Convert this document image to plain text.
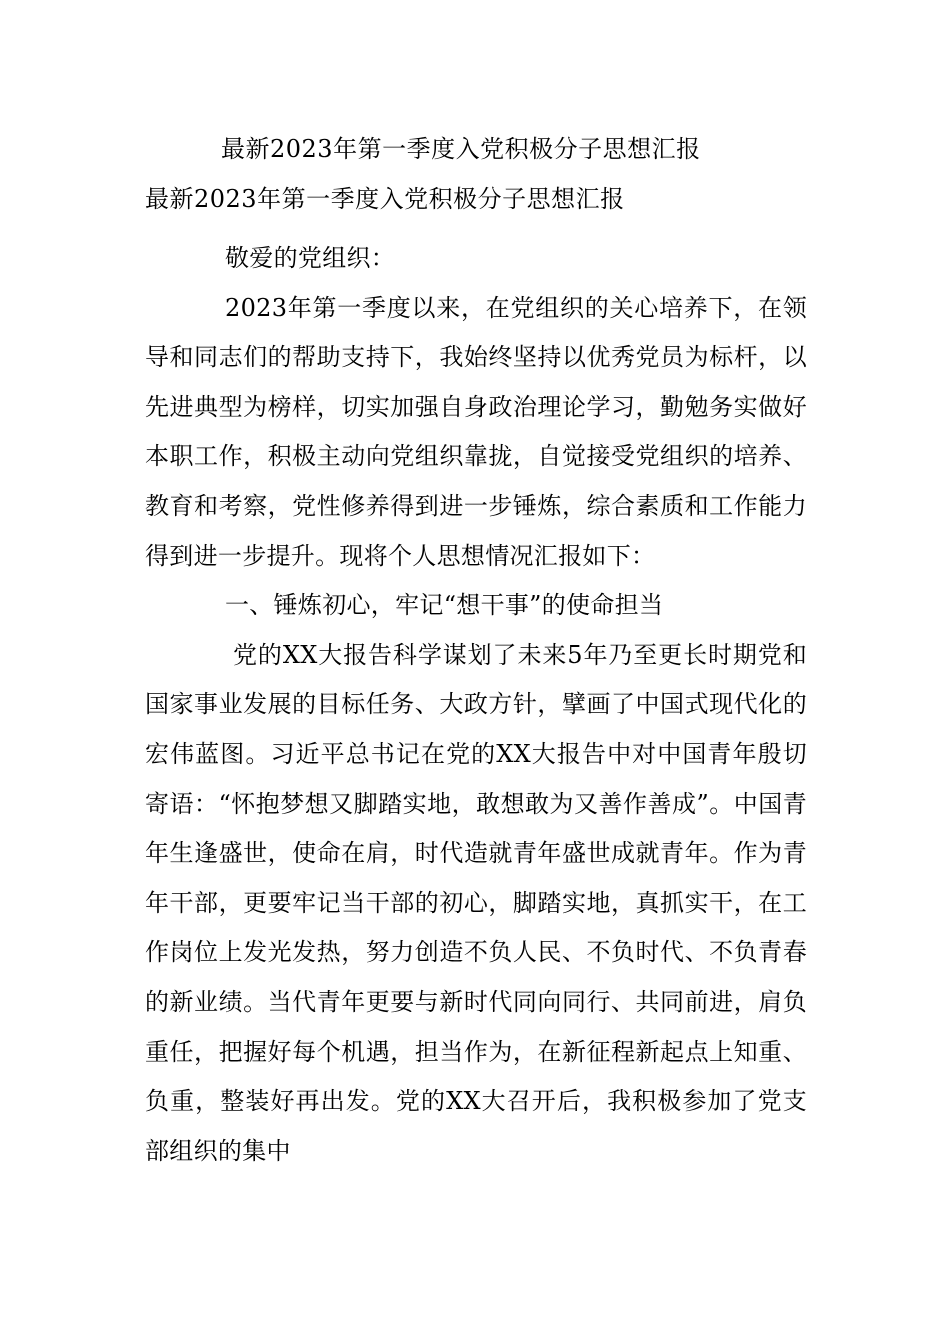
最新2023年第一季度入党积极分子思想汇报
最新2023年第一季度入党积极分子思想汇报

敬爱的党组织：

2023年第一季度以来，在党组织的关心培养下，在领导和同志们的帮助支持下，我始终坚持以优秀党员为标杆，以先进典型为榜样，切实加强自身政治理论学习，勤勉务实做好本职工作，积极主动向党组织靠拢，自觉接受党组织的培养、教育和考察，党性修养得到进一步锤炼，综合素质和工作能力得到进一步提升。现将个人思想情况汇报如下：

一、锤炼初心，牢记“想干事”的使命担当

党的XX大报告科学谋划了未来5年乃至更长时期党和国家事业发展的目标任务、大政方针，擘画了中国式现代化的宏伟蓝图。习近平总书记在党的XX大报告中对中国青年殷切寄语：“怀抱梦想又脚踏实地，敢想敢为又善作善成”。中国青年生逢盛世，使命在肩，时代造就青年盛世成就青年。作为青年干部，更要牢记当干部的初心，脚踏实地，真抓实干，在工作岗位上发光发热，努力创造不负人民、不负时代、不负青春的新业绩。当代青年更要与新时代同向同行、共同前进，肩负重任，把握好每个机遇，担当作为，在新征程新起点上知重、负重，整装好再出发。党的XX大召开后，我积极参加了党支部组织的集中
